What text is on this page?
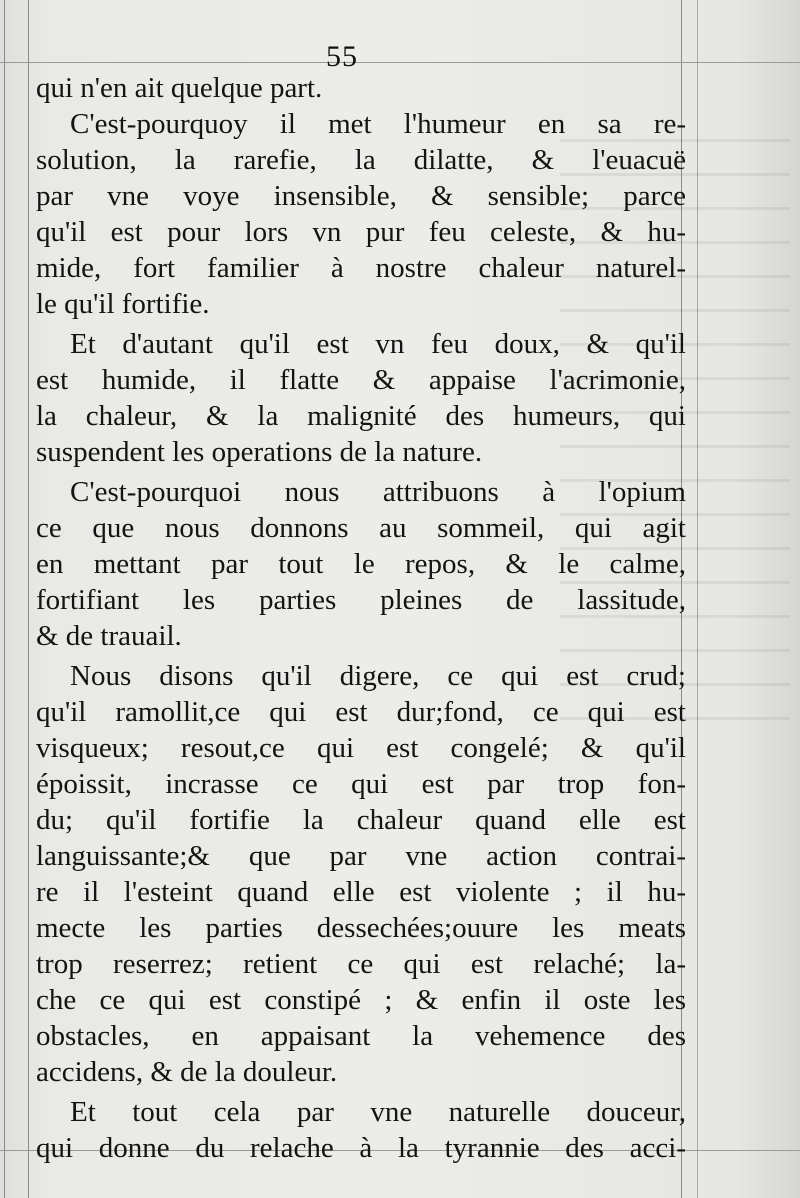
55
qui n'en ait quelque part.
C'est-pourquoy il met l'humeur en sa re-
solution, la rarefie, la dilatte, & l'euacuë
par vne voye insensible, & sensible; parce
qu'il est pour lors vn pur feu celeste, & hu-
mide, fort familier à nostre chaleur naturel-
le qu'il fortifie.
Et d'autant qu'il est vn feu doux, & qu'il
est humide, il flatte & appaise l'acrimonie,
la chaleur, & la malignité des humeurs, qui
suspendent les operations de la nature.
C'est-pourquoi nous attribuons à l'opium
ce que nous donnons au sommeil, qui agit
en mettant par tout le repos, & le calme,
fortifiant les parties pleines de lassitude,
& de trauail.
Nous disons qu'il digere, ce qui est crud;
qu'il ramollit,ce qui est dur;fond, ce qui est
visqueux; resout,ce qui est congelé; & qu'il
époissit, incrasse ce qui est par trop fon-
du; qu'il fortifie la chaleur quand elle est
languissante;& que par vne action contrai-
re il l'esteint quand elle est violente ; il hu-
mecte les parties dessechées;ouure les meats
trop reserrez; retient ce qui est relaché; la-
che ce qui est constipé ; & enfin il oste les
obstacles, en appaisant la vehemence des
accidens, & de la douleur.
Et tout cela par vne naturelle douceur,
qui donne du relache à la tyrannie des acci-
